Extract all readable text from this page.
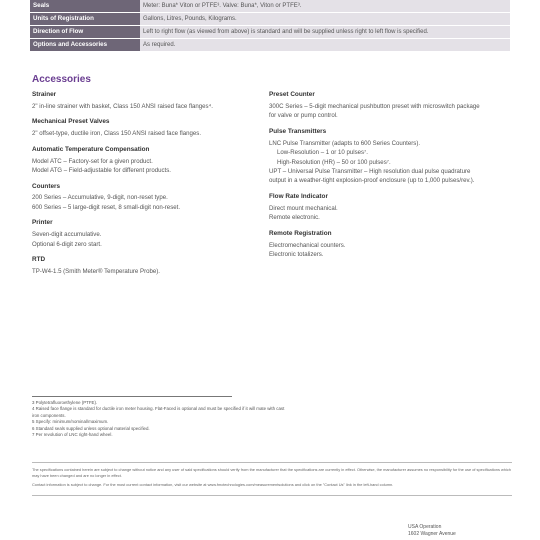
Seals	Meter: Buna* Viton or PTFE³. Valve: Buna*, Viton or PTFE³.
Units of Registration	Gallons, Litres, Pounds, Kilograms.
Direction of Flow	Left to right flow (as viewed from above) is standard and will be supplied unless right to left flow is specified.
Options and Accessories	As required.
Accessories
Strainer
2" in-line strainer with basket, Class 150 ANSI raised face flanges⁴.
Mechanical Preset Valves
2" offset-type, ductile iron, Class 150 ANSI raised face flanges.
Automatic Temperature Compensation
Model ATC – Factory-set for a given product.
Model ATG – Field-adjustable for different products.
Counters
200 Series – Accumulative, 9-digit, non-reset type.
600 Series – 5 large-digit reset, 8 small-digit non-reset.
Printer
Seven-digit accumulative.
Optional 6-digit zero start.
RTD
TP-W4-1.5 (Smith Meter® Temperature Probe).
Preset Counter
300C Series – 5-digit mechanical pushbutton preset with microswitch package for valve or pump control.
Pulse Transmitters
LNC Pulse Transmitter (adapts to 600 Series Counters).
Low-Resolution – 1 or 10 pulses⁷.
High-Resolution (HR) – 50 or 100 pulses⁷.
UPT – Universal Pulse Transmitter – High resolution dual pulse quadrature output in a weather-tight explosion-proof enclosure (up to 1,000 pulses/rev.).
Flow Rate Indicator
Direct mount mechanical.
Remote electronic.
Remote Registration
Electromechanical counters.
Electronic totalizers.
3 Polytetrafluoroethylene (PTFE).
4 Raised face flange is standard for ductile iron meter housing. Flat-Faced is optional and must be specified if it will mate with cast iron components.
5 Specify: minimum/nominal/maximum.
6 Standard seals supplied unless optional material specified.
7 Per revolution of LNC right-hand wheel.

The specifications contained herein are subject to change without notice and any user of said specifications should verify from the manufacturer that the specifications are currently in effect. Otherwise, the manufacturer assumes no responsibility for the use of specifications which may have been changed and are no longer in effect.

Contact information is subject to change. For the most current contact information, visit our website at www.fmctechnologies.com/measurementsolutions and click on the "Contact Us" link in the left-hand column.

USA Operation
1602 Wagner Avenue
